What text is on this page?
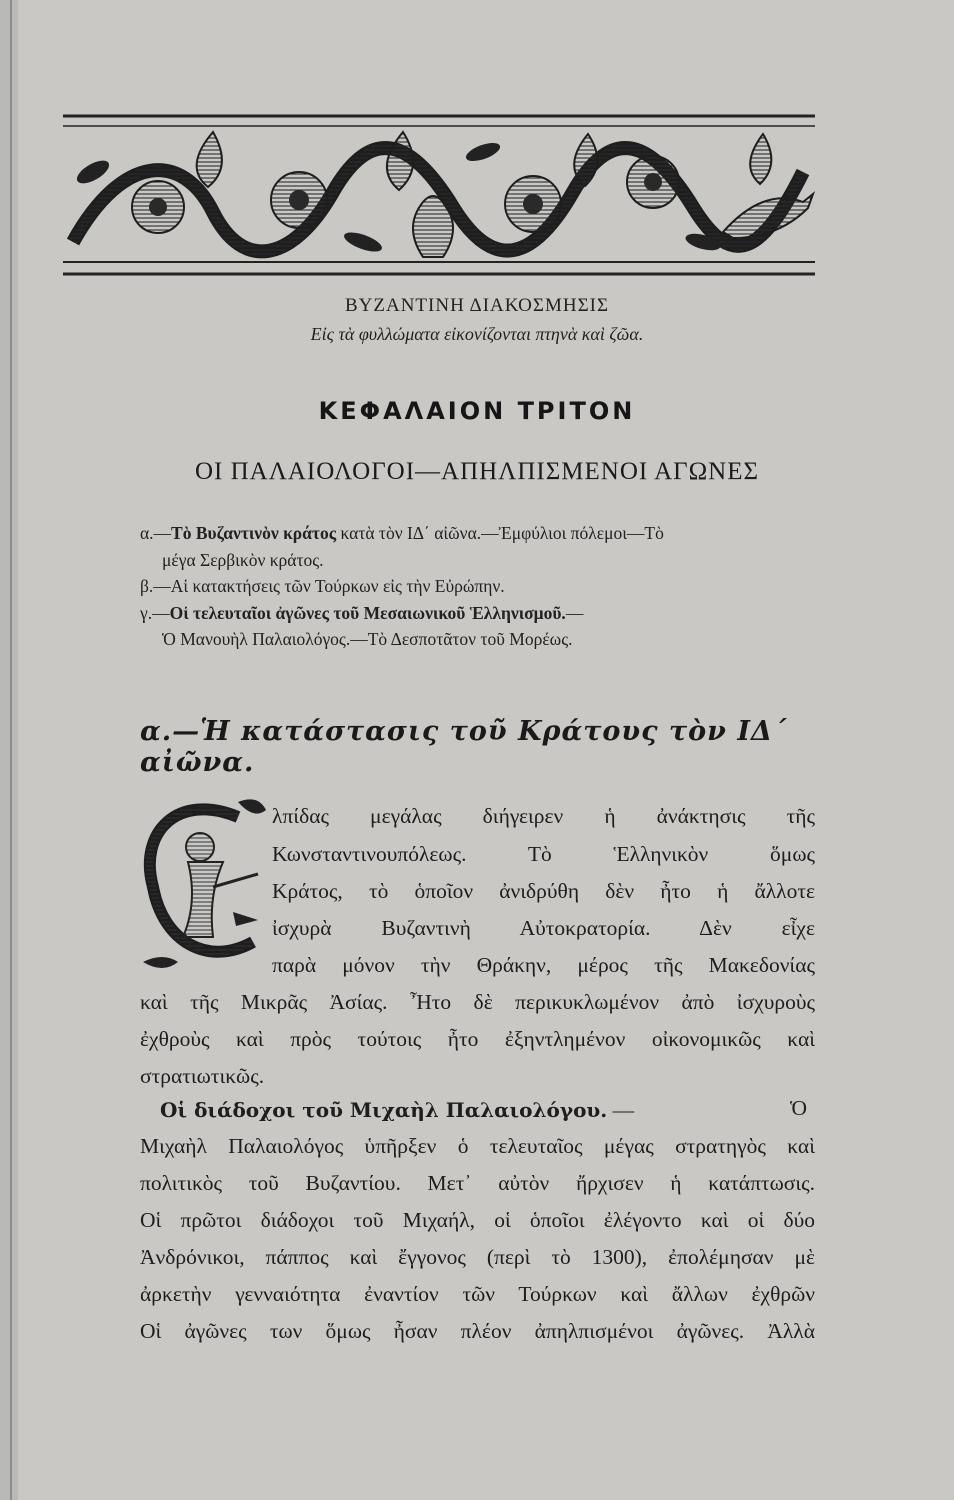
ΒΥΖΑΝΤΙΝΗ ΔΙΑΚΟΣΜΗΣΙΣ
Εἰς τὰ φυλλώματα εἰκονίζονται πτηνὰ καὶ ζῶα.
ΚΕΦΑΛΑΙΟΝ ΤΡΙΤΟΝ
ΟΙ ΠΑΛΑΙΟΛΟΓΟΙ—ΑΠΗΛΠΙΣΜΕΝΟΙ ΑΓΩΝΕΣ

α.—Τὸ Βυζαντινὸν κράτος κατὰ τὸν ΙΔ΄ αἰῶνα.—Ἐμφύλιοι πόλεμοι—Τὸ

μέγα Σερβικὸν κράτος.

β.—Αἱ κατακτήσεις τῶν Τούρκων εἰς τὴν Εὐρώπην.

γ.—Οἱ τελευταῖοι ἀγῶνες τοῦ Μεσαιωνικοῦ Ἑλληνισμοῦ.—

Ὁ Μανουὴλ Παλαιολόγος.—Τὸ Δεσποτᾶτον τοῦ Μορέως.

α.—Ἡ κατάστασις τοῦ Κράτους τὸν ΙΔ΄ αἰῶνα.
λπίδας μεγάλας διήγειρεν ἡ ἀνάκτησις τῆς
Κωνσταντινουπόλεως. Τὸ Ἑλληνικὸν ὅμως
Κράτος, τὸ ὁποῖον ἀνιδρύθη δὲν ἦτο ἡ ἄλλοτε
ἰσχυρὰ Βυζαντινὴ Αὐτοκρατορία. Δὲν εἶχε
παρὰ μόνον τὴν Θράκην, μέρος τῆς Μακεδονίας
καὶ τῆς Μικρᾶς Ἀσίας. Ἦτο δὲ περικυκλωμένον ἀπὸ ἰσχυροὺς
ἐχθροὺς καὶ πρὸς τούτοις ἦτο ἐξηντλημένον οἰκονομικῶς καὶ
στρατιωτικῶς.
Οἱ διάδοχοι τοῦ Μιχαὴλ Παλαιολόγου. —	Ὁ
Μιχαὴλ Παλαιολόγος ὑπῆρξεν ὁ τελευταῖος μέγας στρατηγὸς καὶ
πολιτικὸς τοῦ Βυζαντίου. Μετ᾽ αὐτὸν ἤρχισεν ἡ κατάπτωσις.
Οἱ πρῶτοι διάδοχοι τοῦ Μιχαήλ, οἱ ὁποῖοι ἐλέγοντο καὶ οἱ δύο
Ἀνδρόνικοι, πάππος καὶ ἔγγονος (περὶ τὸ 1300), ἐπολέμησαν μὲ
ἀρκετὴν γενναιότητα ἐναντίον τῶν Τούρκων καὶ ἄλλων ἐχθρῶν
Οἱ ἀγῶνες των ὅμως ἦσαν πλέον ἀπηλπισμένοι ἀγῶνες. Ἀλλὰ
